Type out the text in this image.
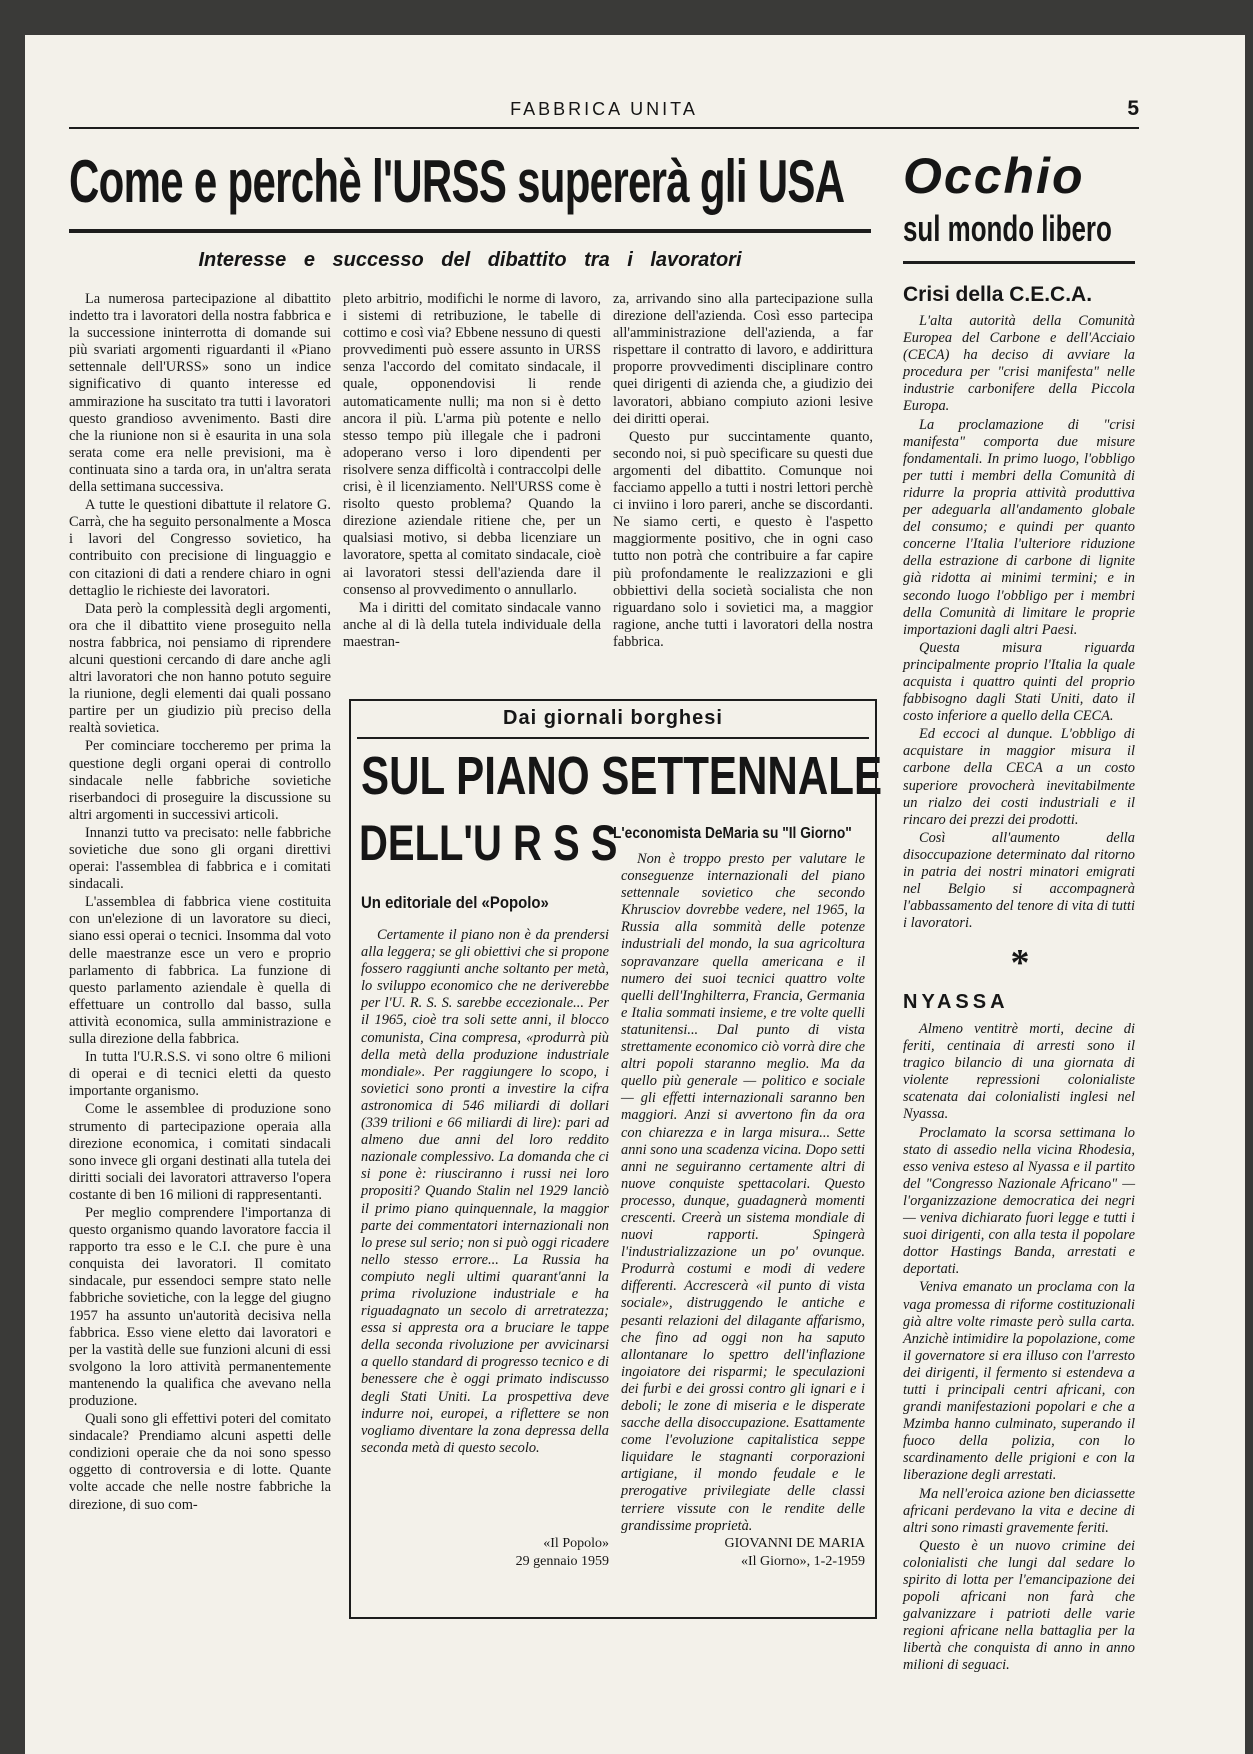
FABBRICA UNITA	5
Come e perchè l'URSS supererà gli USA
Interesse e successo del dibattito tra i lavoratori

La numerosa partecipazione al dibattito indetto tra i lavoratori della nostra fabbrica e la successione ininterrotta di domande sui più svariati argomenti riguardanti il «Piano settennale dell'URSS» sono un indice significativo di quanto interesse ed ammirazione ha suscitato tra tutti i lavoratori questo grandioso avvenimento. Basti dire che la riunione non si è esaurita in una sola serata come era nelle previsioni, ma è continuata sino a tarda ora, in un'altra serata della settimana successiva.

A tutte le questioni dibattute il relatore G. Carrà, che ha seguito personalmente a Mosca i lavori del Congresso sovietico, ha contribuito con precisione di linguaggio e con citazioni di dati a rendere chiaro in ogni dettaglio le richieste dei lavoratori.

Data però la complessità degli argomenti, ora che il dibattito viene proseguito nella nostra fabbrica, noi pensiamo di riprendere alcuni questioni cercando di dare anche agli altri lavoratori che non hanno potuto seguire la riunione, degli elementi dai quali possano partire per un giudizio più preciso della realtà sovietica.

Per cominciare toccheremo per prima la questione degli organi operai di controllo sindacale nelle fabbriche sovietiche riserbandoci di proseguire la discussione su altri argomenti in successivi articoli.

Innanzi tutto va precisato: nelle fabbriche sovietiche due sono gli organi direttivi operai: l'assemblea di fabbrica e i comitati sindacali.

L'assemblea di fabbrica viene costituita con un'elezione di un lavoratore su dieci, siano essi operai o tecnici. Insomma dal voto delle maestranze esce un vero e proprio parlamento di fabbrica. La funzione di questo parlamento aziendale è quella di effettuare un controllo dal basso, sulla attività economica, sulla amministrazione e sulla direzione della fabbrica.

In tutta l'U.R.S.S. vi sono oltre 6 milioni di operai e di tecnici eletti da questo importante organismo.

Come le assemblee di produzione sono strumento di partecipazione operaia alla direzione economica, i comitati sindacali sono invece gli organi destinati alla tutela dei diritti sociali dei lavoratori attraverso l'opera costante di ben 16 milioni di rappresentanti.

Per meglio comprendere l'importanza di questo organismo quando lavoratore faccia il rapporto tra esso e le C.I. che pure è una conquista dei lavoratori. Il comitato sindacale, pur essendoci sempre stato nelle fabbriche sovietiche, con la legge del giugno 1957 ha assunto un'autorità decisiva nella fabbrica. Esso viene eletto dai lavoratori e per la vastità delle sue funzioni alcuni di essi svolgono la loro attività permanentemente mantenendo la qualifica che avevano nella produzione.

Quali sono gli effettivi poteri del comitato sindacale? Prendiamo alcuni aspetti delle condizioni operaie che da noi sono spesso oggetto di controversia e di lotte. Quante volte accade che nelle nostre fabbriche la direzione, di suo com-

pleto arbitrio, modifichi le norme di lavoro, i sistemi di retribuzione, le tabelle di cottimo e così via? Ebbene nessuno di questi provvedimenti può essere assunto in URSS senza l'accordo del comitato sindacale, il quale, opponendovisi li rende automaticamente nulli; ma non si è detto ancora il più. L'arma più potente e nello stesso tempo più illegale che i padroni adoperano verso i loro dipendenti per risolvere senza difficoltà i contraccolpi delle crisi, è il licenziamento. Nell'URSS come è risolto questo problema? Quando la direzione aziendale ritiene che, per un qualsiasi motivo, si debba licenziare un lavoratore, spetta al comitato sindacale, cioè ai lavoratori stessi dell'azienda dare il consenso al provvedimento o annullarlo.

Ma i diritti del comitato sindacale vanno anche al di là della tutela individuale della maestran-

za, arrivando sino alla partecipazione sulla direzione dell'azienda. Così esso partecipa all'amministrazione dell'azienda, a far rispettare il contratto di lavoro, e addirittura proporre provvedimenti disciplinare contro quei dirigenti di azienda che, a giudizio dei lavoratori, abbiano compiuto azioni lesive dei diritti operai.

Questo pur succintamente quanto, secondo noi, si può specificare su questi due argomenti del dibattito. Comunque noi facciamo appello a tutti i nostri lettori perchè ci inviino i loro pareri, anche se discordanti. Ne siamo certi, e questo è l'aspetto maggiormente positivo, che in ogni caso tutto non potrà che contribuire a far capire più profondamente le realizzazioni e gli obbiettivi della società socialista che non riguardano solo i sovietici ma, a maggior ragione, anche tutti i lavoratori della nostra fabbrica.

Dai giornali borghesi
SUL PIANO SETTENNALE
DELL'U R S S
Un editoriale del «Popolo»
L'economista DeMaria su "Il Giorno"

Certamente il piano non è da prendersi alla leggera; se gli obiettivi che si propone fossero raggiunti anche soltanto per metà, lo sviluppo economico che ne deriverebbe per l'U. R. S. S. sarebbe eccezionale... Per il 1965, cioè tra soli sette anni, il blocco comunista, Cina compresa, «produrrà più della metà della produzione industriale mondiale». Per raggiungere lo scopo, i sovietici sono pronti a investire la cifra astronomica di 546 miliardi di dollari (339 trilioni e 66 miliardi di lire): pari ad almeno due anni del loro reddito nazionale complessivo. La domanda che ci si pone è: riusciranno i russi nei loro propositi? Quando Stalin nel 1929 lanciò il primo piano quinquennale, la maggior parte dei commentatori internazionali non lo prese sul serio; non si può oggi ricadere nello stesso errore... La Russia ha compiuto negli ultimi quarant'anni la prima rivoluzione industriale e ha riguadagnato un secolo di arretratezza; essa si appresta ora a bruciare le tappe della seconda rivoluzione per avvicinarsi a quello standard di progresso tecnico e di benessere che è oggi primato indiscusso degli Stati Uniti. La prospettiva deve indurre noi, europei, a riflettere se non vogliamo diventare la zona depressa della seconda metà di questo secolo.

Non è troppo presto per valutare le conseguenze internazionali del piano settennale sovietico che secondo Khrusciov dovrebbe vedere, nel 1965, la Russia alla sommità delle potenze industriali del mondo, la sua agricoltura sopravanzare quella americana e il numero dei suoi tecnici quattro volte quelli dell'Inghilterra, Francia, Germania e Italia sommati insieme, e tre volte quelli statunitensi... Dal punto di vista strettamente economico ciò vorrà dire che altri popoli staranno meglio. Ma da quello più generale — politico e sociale — gli effetti internazionali saranno ben maggiori. Anzi si avvertono fin da ora con chiarezza e in larga misura... Sette anni sono una scadenza vicina. Dopo setti anni ne seguiranno certamente altri di nuove conquiste spettacolari. Questo processo, dunque, guadagnerà momenti crescenti. Creerà un sistema mondiale di nuovi rapporti. Spingerà l'industrializzazione un po' ovunque. Produrrà costumi e modi di vedere differenti. Accrescerà «il punto di vista sociale», distruggendo le antiche e pesanti relazioni del dilagante affarismo, che fino ad oggi non ha saputo allontanare lo spettro dell'inflazione ingoiatore dei risparmi; le speculazioni dei furbi e dei grossi contro gli ignari e i deboli; le zone di miseria e le disperate sacche della disoccupazione. Esattamente come l'evoluzione capitalistica seppe liquidare le stagnanti corporazioni artigiane, il mondo feudale e le prerogative privilegiate delle classi terriere vissute con le rendite delle grandissime proprietà.

«Il Popolo»
29 gennaio 1959
GIOVANNI DE MARIA
«Il Giorno», 1-2-1959
Occhio
sul mondo libero
Crisi della C.E.C.A.

L'alta autorità della Comunità Europea del Carbone e dell'Acciaio (CECA) ha deciso di avviare la procedura per "crisi manifesta" nelle industrie carbonifere della Piccola Europa.

La proclamazione di "crisi manifesta" comporta due misure fondamentali. In primo luogo, l'obbligo per tutti i membri della Comunità di ridurre la propria attività produttiva per adeguarla all'andamento globale del consumo; e quindi per quanto concerne l'Italia l'ulteriore riduzione della estrazione di carbone di lignite già ridotta ai minimi termini; e in secondo luogo l'obbligo per i membri della Comunità di limitare le proprie importazioni dagli altri Paesi.

Questa misura riguarda principalmente proprio l'Italia la quale acquista i quattro quinti del proprio fabbisogno dagli Stati Uniti, dato il costo inferiore a quello della CECA.

Ed eccoci al dunque. L'obbligo di acquistare in maggior misura il carbone della CECA a un costo superiore provocherà inevitabilmente un rialzo dei costi industriali e il rincaro dei prezzi dei prodotti.

Così all'aumento della disoccupazione determinato dal ritorno in patria dei nostri minatori emigrati nel Belgio si accompagnerà l'abbassamento del tenore di vita di tutti i lavoratori.

*
NYASSA

Almeno ventitrè morti, decine di feriti, centinaia di arresti sono il tragico bilancio di una giornata di violente repressioni colonialiste scatenata dai colonialisti inglesi nel Nyassa.

Proclamato la scorsa settimana lo stato di assedio nella vicina Rhodesia, esso veniva esteso al Nyassa e il partito del "Congresso Nazionale Africano" — l'organizzazione democratica dei negri — veniva dichiarato fuori legge e tutti i suoi dirigenti, con alla testa il popolare dottor Hastings Banda, arrestati e deportati.

Veniva emanato un proclama con la vaga promessa di riforme costituzionali già altre volte rimaste però sulla carta. Anzichè intimidire la popolazione, come il governatore si era illuso con l'arresto dei dirigenti, il fermento si estendeva a tutti i principali centri africani, con grandi manifestazioni popolari e che a Mzimba hanno culminato, superando il fuoco della polizia, con lo scardinamento delle prigioni e con la liberazione degli arrestati.

Ma nell'eroica azione ben diciassette africani perdevano la vita e decine di altri sono rimasti gravemente feriti.

Questo è un nuovo crimine dei colonialisti che lungi dal sedare lo spirito di lotta per l'emancipazione dei popoli africani non farà che galvanizzare i patrioti delle varie regioni africane nella battaglia per la libertà che conquista di anno in anno milioni di seguaci.
